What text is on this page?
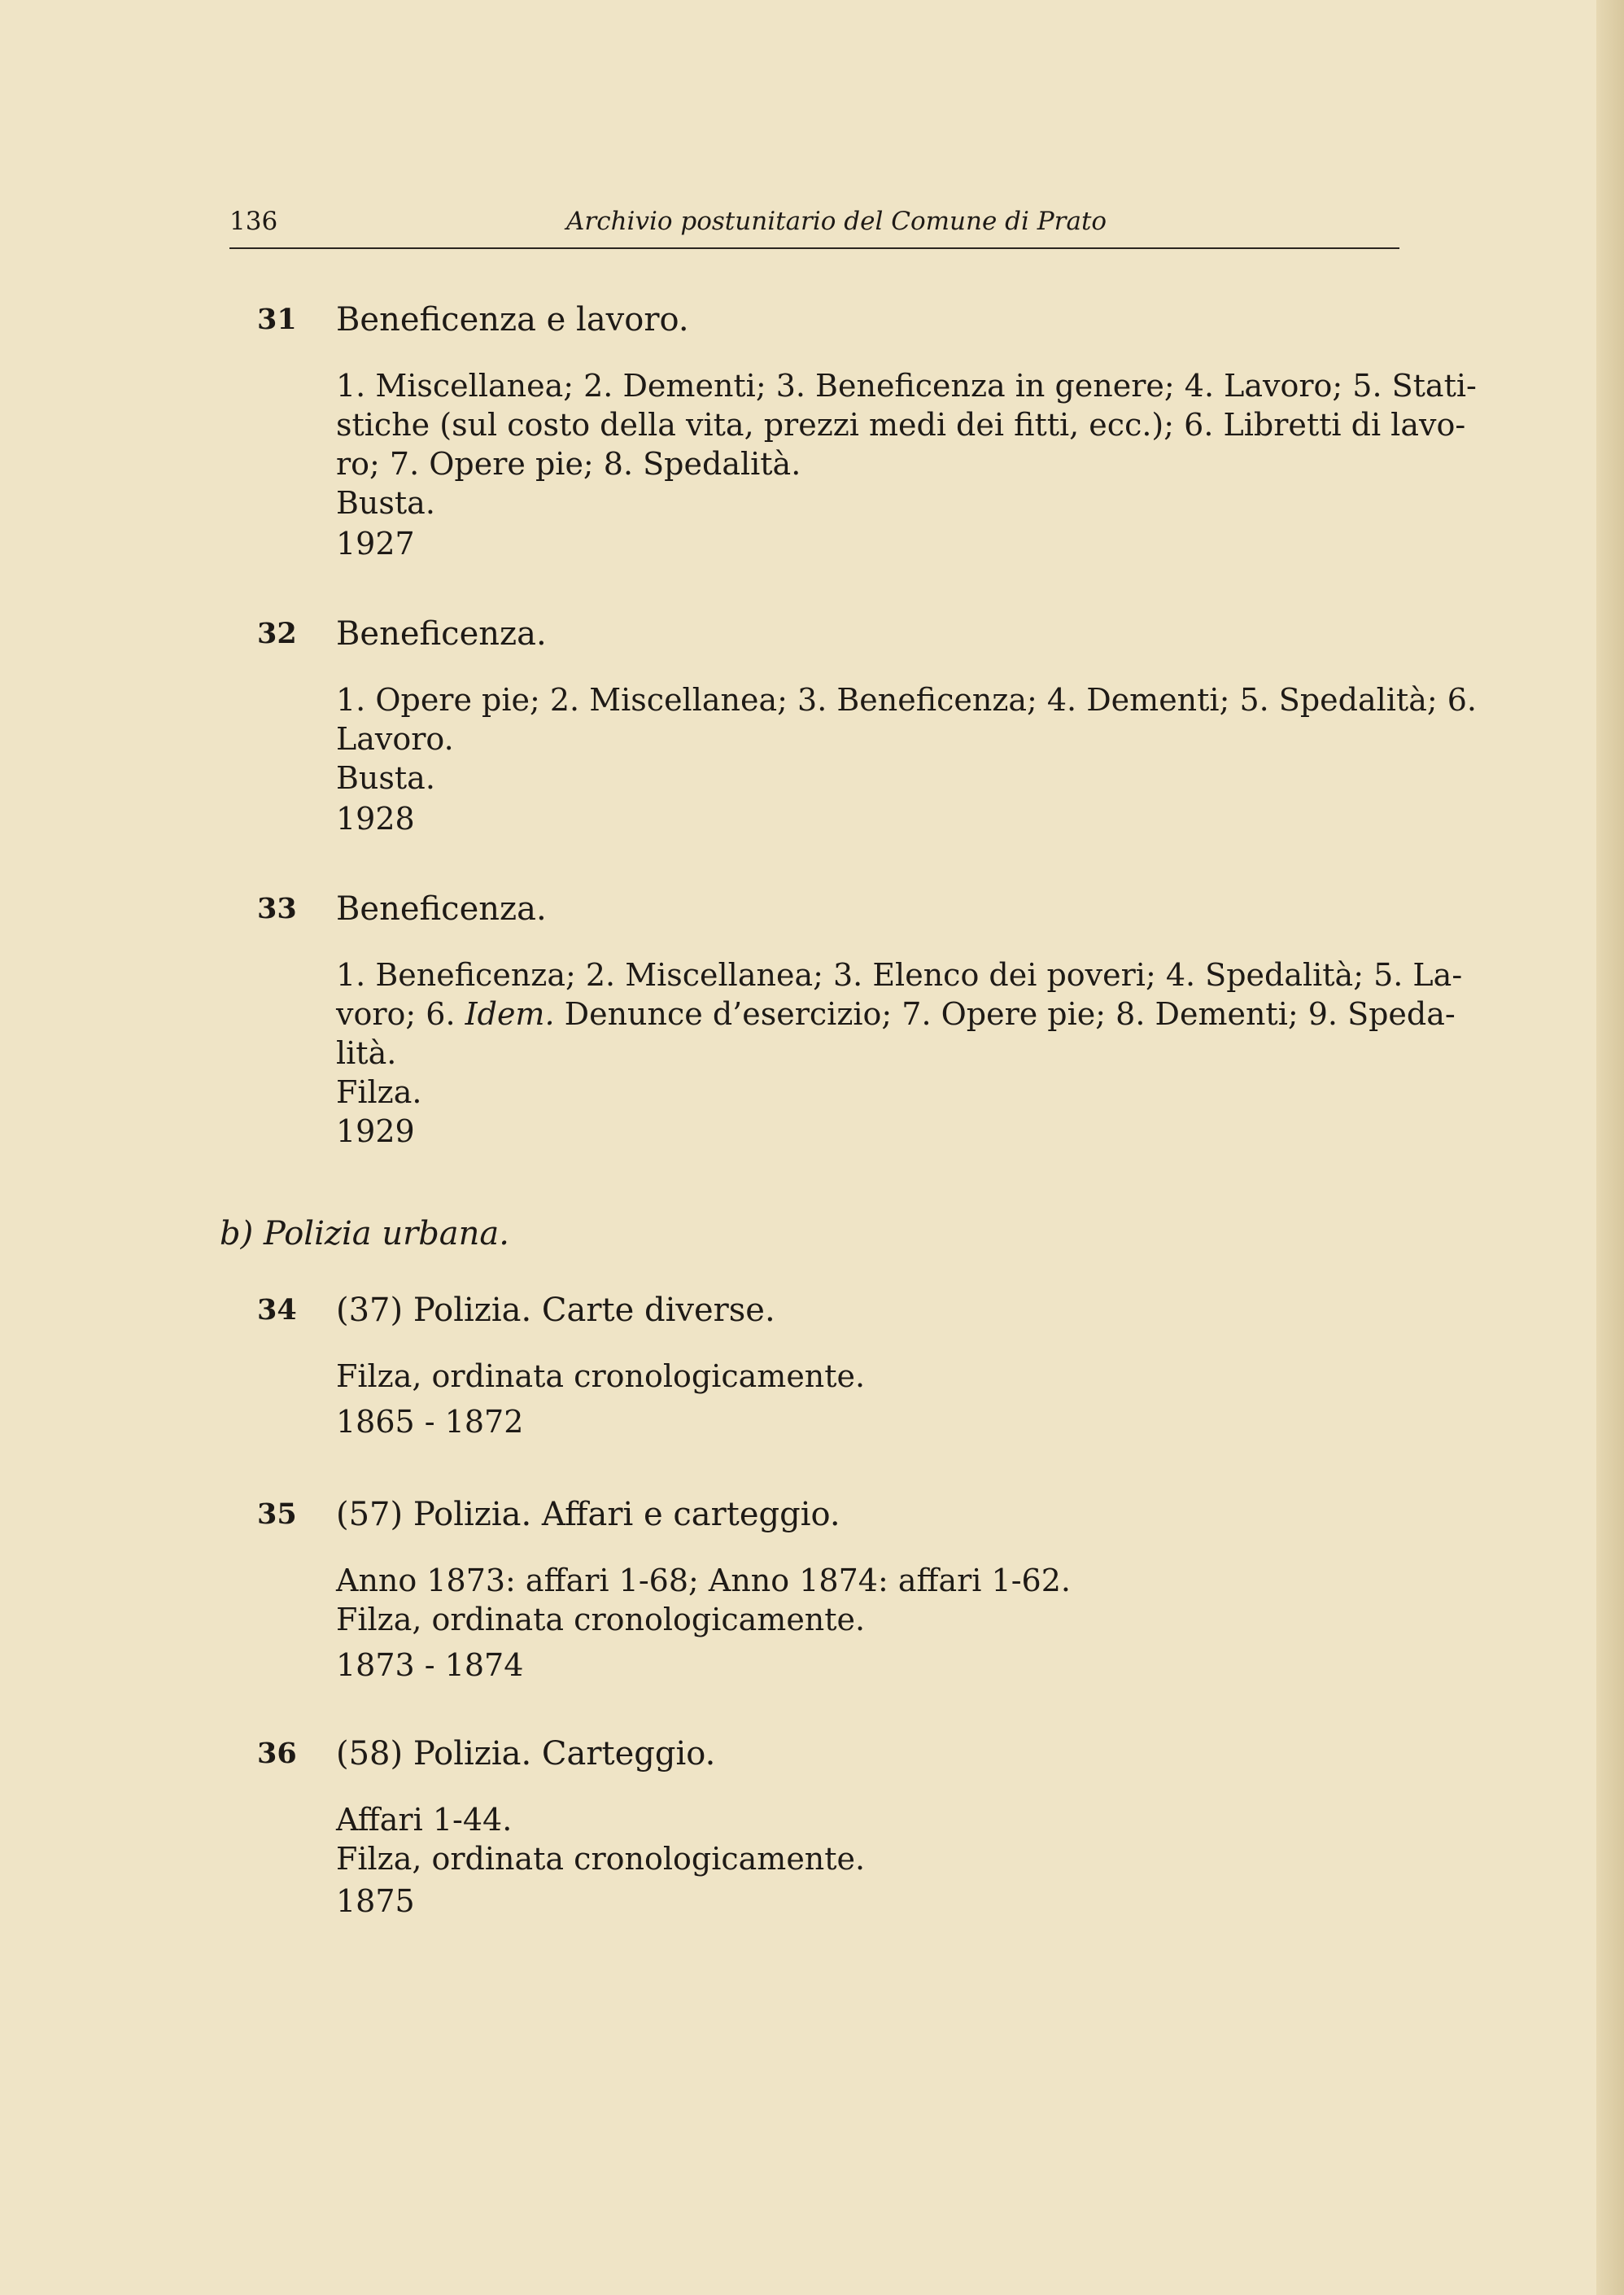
136	Archivio postunitario del Comune di Prato
31 Beneficenza e lavoro.
1. Miscellanea; 2. Dementi; 3. Beneficenza in genere; 4. Lavoro; 5. Stati-
stiche (sul costo della vita, prezzi medi dei fitti, ecc.); 6. Libretti di lavo-
ro; 7. Opere pie; 8. Spedalità.
Busta.
1927
32 Beneficenza.
1. Opere pie; 2. Miscellanea; 3. Beneficenza; 4. Dementi; 5. Spedalità; 6.
Lavoro.
Busta.
1928
33 Beneficenza.
1. Beneficenza; 2. Miscellanea; 3. Elenco dei poveri; 4. Spedalità; 5. La-
voro; 6. Idem. Denunce d’esercizio; 7. Opere pie; 8. Dementi; 9. Speda-
lità.
Filza.
1929
b) Polizia urbana.
34 (37) Polizia. Carte diverse.
Filza, ordinata cronologicamente.
1865 - 1872
35 (57) Polizia. Affari e carteggio.
Anno 1873: affari 1-68; Anno 1874: affari 1-62.
Filza, ordinata cronologicamente.
1873 - 1874
36 (58) Polizia. Carteggio.
Affari 1-44.
Filza, ordinata cronologicamente.
1875
